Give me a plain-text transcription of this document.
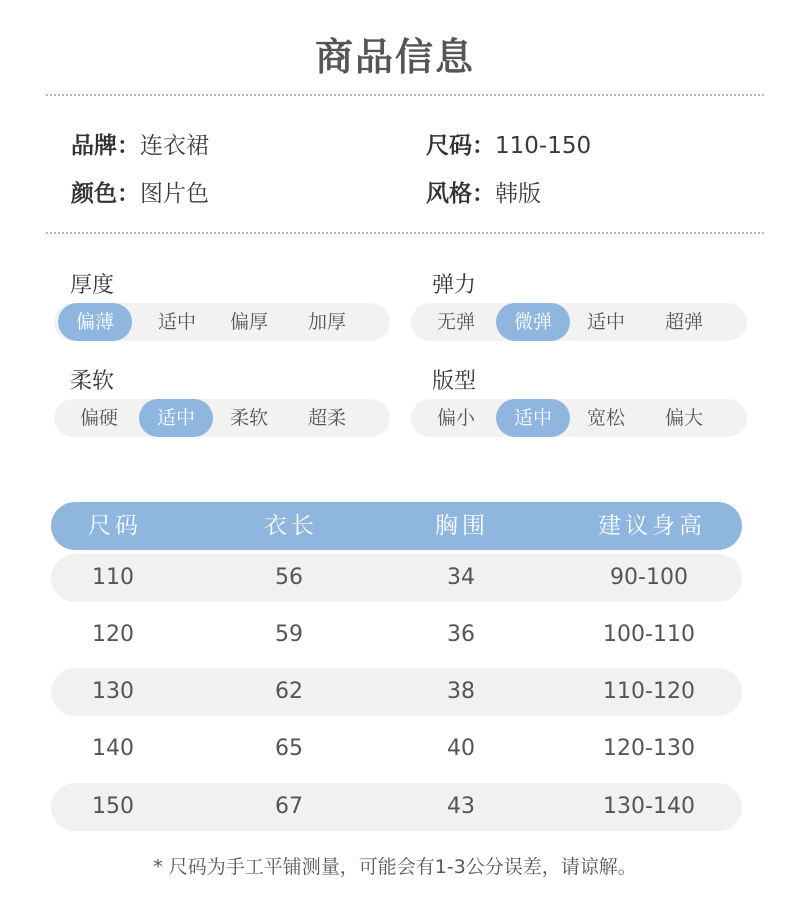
商品信息
品牌：连衣裙	尺码：110-150
颜色：图片色	风格：韩版
厚度
偏薄	适中	偏厚	加厚
弹力
无弹	微弹	适中	超弹
柔软
偏硬	适中	柔软	超柔
版型
偏小	适中	宽松	偏大
尺码	衣长	胸围	建议身高
110	56	34	90-100
120	59	36	100-110
130	62	38	110-120
140	65	40	120-130
150	67	43	130-140
* 尺码为手工平铺测量，可能会有1-3公分误差，请谅解。
